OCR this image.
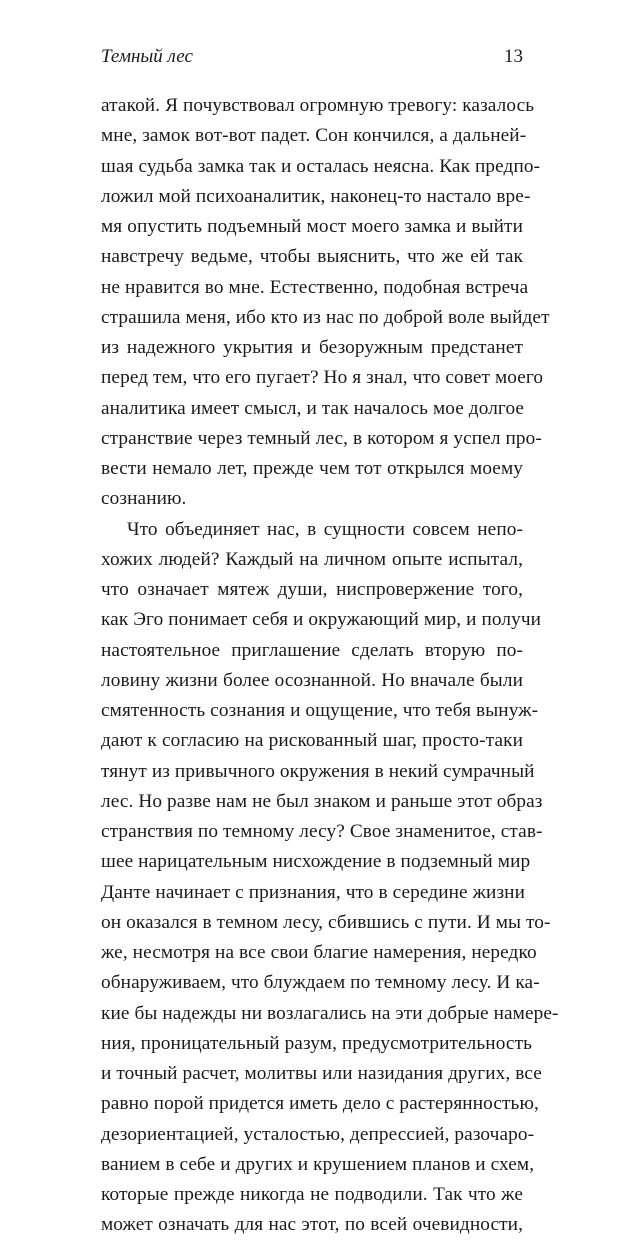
Темный лес	13
атакой. Я почувствовал огромную тревогу: казалось
мне, замок вот-вот падет. Сон кончился, а дальней-
шая судьба замка так и осталась неясна. Как предпо-
ложил мой психоаналитик, наконец-то настало вре-
мя опустить подъемный мост моего замка и выйти
навстречу ведьме, чтобы выяснить, что же ей так
не нравится во мне. Естественно, подобная встреча
страшила меня, ибо кто из нас по доброй воле выйдет
из надежного укрытия и безоружным предстанет
перед тем, что его пугает? Но я знал, что совет моего
аналитика имеет смысл, и так началось мое долгое
странствие через темный лес, в котором я успел про-
вести немало лет, прежде чем тот открылся моему
сознанию.
Что объединяет нас, в сущности совсем непо-
хожих людей? Каждый на личном опыте испытал,
что означает мятеж души, ниспровержение того,
как Эго понимает себя и окружающий мир, и получи
настоятельное приглашение сделать вторую по-
ловину жизни более осознанной. Но вначале были
смятенность сознания и ощущение, что тебя вынуж-
дают к согласию на рискованный шаг, просто-таки
тянут из привычного окружения в некий сумрачный
лес. Но разве нам не был знаком и раньше этот образ
странствия по темному лесу? Свое знаменитое, став-
шее нарицательным нисхождение в подземный мир
Данте начинает с признания, что в середине жизни
он оказался в темном лесу, сбившись с пути. И мы то-
же, несмотря на все свои благие намерения, нередко
обнаруживаем, что блуждаем по темному лесу. И ка-
кие бы надежды ни возлагались на эти добрые намере-
ния, проницательный разум, предусмотрительность
и точный расчет, молитвы или назидания других, все
равно порой придется иметь дело с растерянностью,
дезориентацией, усталостью, депрессией, разочаро-
ванием в себе и других и крушением планов и схем,
которые прежде никогда не подводили. Так что же
может означать для нас этот, по всей очевидности,
